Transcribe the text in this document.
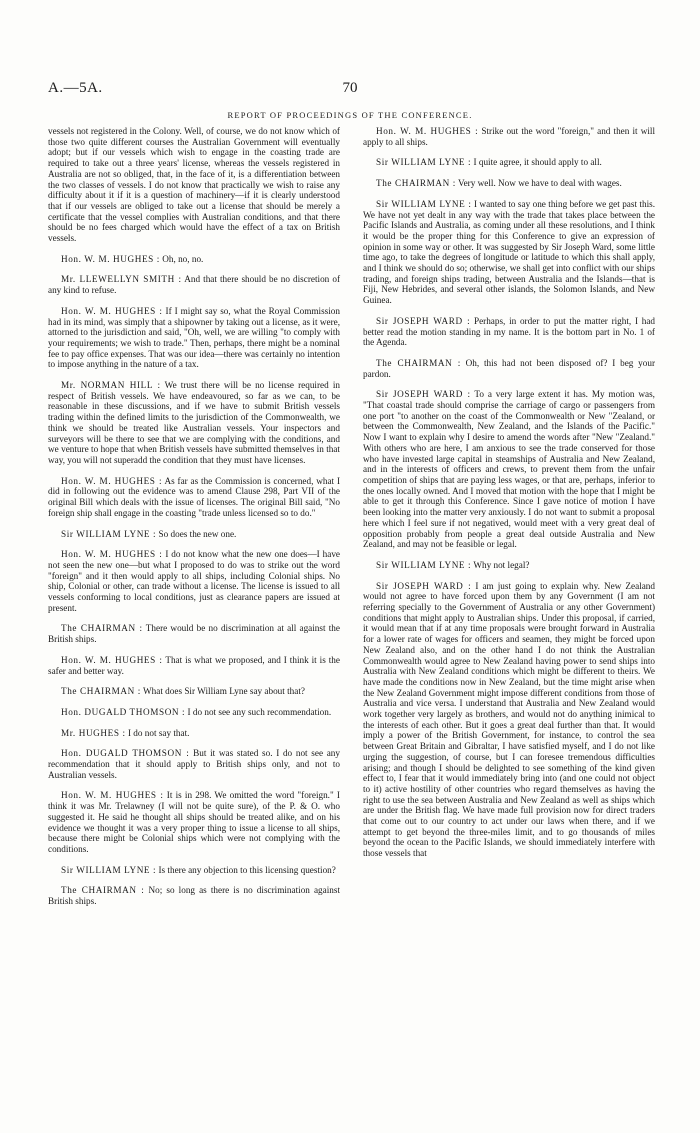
A.—5A.	70
REPORT OF PROCEEDINGS OF THE CONFERENCE.

vessels not registered in the Colony. Well, of course, we do not know which of those two quite different courses the Australian Government will eventually adopt; but if our vessels which wish to engage in the coasting trade are required to take out a three years' license, whereas the vessels registered in Australia are not so obliged, that, in the face of it, is a differentiation between the two classes of vessels. I do not know that practically we wish to raise any difficulty about it if it is a question of machinery—if it is clearly understood that if our vessels are obliged to take out a license that should be merely a certificate that the vessel complies with Australian conditions, and that there should be no fees charged which would have the effect of a tax on British vessels.

Hon. W. M. HUGHES : Oh, no, no.

Mr. LLEWELLYN SMITH : And that there should be no discretion of any kind to refuse.

Hon. W. M. HUGHES : If I might say so, what the Royal Commission had in its mind, was simply that a shipowner by taking out a license, as it were, attorned to the jurisdiction and said, "Oh, well, we are willing "to comply with your requirements; we wish to trade." Then, perhaps, there might be a nominal fee to pay office expenses. That was our idea—there was certainly no intention to impose anything in the nature of a tax.

Mr. NORMAN HILL : We trust there will be no license required in respect of British vessels. We have endeavoured, so far as we can, to be reasonable in these discussions, and if we have to submit British vessels trading within the defined limits to the jurisdiction of the Commonwealth, we think we should be treated like Australian vessels. Your inspectors and surveyors will be there to see that we are complying with the conditions, and we venture to hope that when British vessels have submitted themselves in that way, you will not superadd the condition that they must have licenses.

Hon. W. M. HUGHES : As far as the Commission is concerned, what I did in following out the evidence was to amend Clause 298, Part VII of the original Bill which deals with the issue of licenses. The original Bill said, "No foreign ship shall engage in the coasting "trade unless licensed so to do."

Sir WILLIAM LYNE : So does the new one.

Hon. W. M. HUGHES : I do not know what the new one does—I have not seen the new one—but what I proposed to do was to strike out the word "foreign" and it then would apply to all ships, including Colonial ships. No ship, Colonial or other, can trade without a license. The license is issued to all vessels conforming to local conditions, just as clearance papers are issued at present.

The CHAIRMAN : There would be no discrimination at all against the British ships.

Hon. W. M. HUGHES : That is what we proposed, and I think it is the safer and better way.

The CHAIRMAN : What does Sir William Lyne say about that?

Hon. DUGALD THOMSON : I do not see any such recommendation.

Mr. HUGHES : I do not say that.

Hon. DUGALD THOMSON : But it was stated so. I do not see any recommendation that it should apply to British ships only, and not to Australian vessels.

Hon. W. M. HUGHES : It is in 298. We omitted the word "foreign." I think it was Mr. Trelawney (I will not be quite sure), of the P. & O. who suggested it. He said he thought all ships should be treated alike, and on his evidence we thought it was a very proper thing to issue a license to all ships, because there might be Colonial ships which were not complying with the conditions.

Sir WILLIAM LYNE : Is there any objection to this licensing question?

The CHAIRMAN : No; so long as there is no discrimination against British ships.

Hon. W. M. HUGHES : Strike out the word "foreign," and then it will apply to all ships.

Sir WILLIAM LYNE : I quite agree, it should apply to all.

The CHAIRMAN : Very well. Now we have to deal with wages.

Sir WILLIAM LYNE : I wanted to say one thing before we get past this. We have not yet dealt in any way with the trade that takes place between the Pacific Islands and Australia, as coming under all these resolutions, and I think it would be the proper thing for this Conference to give an expression of opinion in some way or other. It was suggested by Sir Joseph Ward, some little time ago, to take the degrees of longitude or latitude to which this shall apply, and I think we should do so; otherwise, we shall get into conflict with our ships trading, and foreign ships trading, between Australia and the Islands—that is Fiji, New Hebrides, and several other islands, the Solomon Islands, and New Guinea.

Sir JOSEPH WARD : Perhaps, in order to put the matter right, I had better read the motion standing in my name. It is the bottom part in No. 1 of the Agenda.

The CHAIRMAN : Oh, this had not been disposed of? I beg your pardon.

Sir JOSEPH WARD : To a very large extent it has. My motion was, "That coastal trade should comprise the carriage of cargo or passengers from one port "to another on the coast of the Commonwealth or New "Zealand, or between the Commonwealth, New Zealand, and the Islands of the Pacific." Now I want to explain why I desire to amend the words after "New "Zealand." With others who are here, I am anxious to see the trade conserved for those who have invested large capital in steamships of Australia and New Zealand, and in the interests of officers and crews, to prevent them from the unfair competition of ships that are paying less wages, or that are, perhaps, inferior to the ones locally owned. And I moved that motion with the hope that I might be able to get it through this Conference. Since I gave notice of motion I have been looking into the matter very anxiously. I do not want to submit a proposal here which I feel sure if not negatived, would meet with a very great deal of opposition probably from people a great deal outside Australia and New Zealand, and may not be feasible or legal.

Sir WILLIAM LYNE : Why not legal?

Sir JOSEPH WARD : I am just going to explain why. New Zealand would not agree to have forced upon them by any Government (I am not referring specially to the Government of Australia or any other Government) conditions that might apply to Australian ships. Under this proposal, if carried, it would mean that if at any time proposals were brought forward in Australia for a lower rate of wages for officers and seamen, they might be forced upon New Zealand also, and on the other hand I do not think the Australian Commonwealth would agree to New Zealand having power to send ships into Australia with New Zealand conditions which might be different to theirs. We have made the conditions now in New Zealand, but the time might arise when the New Zealand Government might impose different conditions from those of Australia and vice versa. I understand that Australia and New Zealand would work together very largely as brothers, and would not do anything inimical to the interests of each other. But it goes a great deal further than that. It would imply a power of the British Government, for instance, to control the sea between Great Britain and Gibraltar, I have satisfied myself, and I do not like urging the suggestion, of course, but I can foresee tremendous difficulties arising; and though I should be delighted to see something of the kind given effect to, I fear that it would immediately bring into (and one could not object to it) active hostility of other countries who regard themselves as having the right to use the sea between Australia and New Zealand as well as ships which are under the British flag. We have made full provision now for direct traders that come out to our country to act under our laws when there, and if we attempt to get beyond the three-miles limit, and to go thousands of miles beyond the ocean to the Pacific Islands, we should immediately interfere with those vessels that
